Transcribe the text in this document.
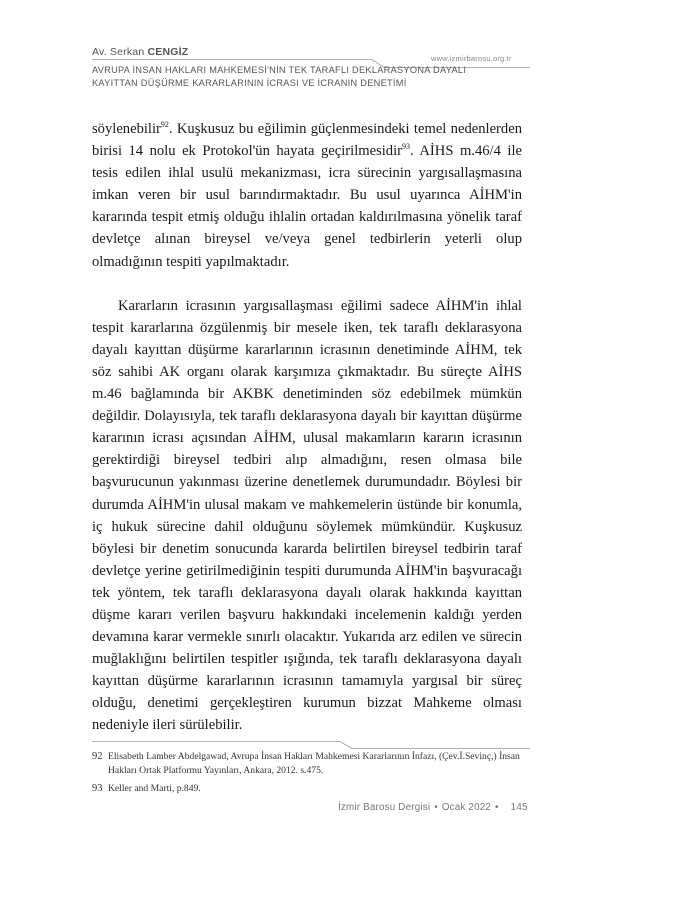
Av. Serkan CENGİZ
www.izmirbarosu.org.tr
AVRUPA İNSAN HAKLARI MAHKEMESİ'NİN TEK TARAFLI DEKLARASYONA DAYALI KAYITTAN DÜŞÜRME KARARLARININ İCRASI VE İCRANIN DENETİMİ

söylenebilir$^{92}$. Kuşkusuz bu eğilimin güçlenmesindeki temel nedenlerden birisi 14 nolu ek Protokol'ün hayata geçirilmesidir$^{93}$. AİHS m.46/4 ile tesis edilen ihlal usulü mekanizması, icra sürecinin yargısallaşmasına imkan veren bir usul barındırmaktadır. Bu usul uyarınca AİHM'in kararında tespit etmiş olduğu ihlalin ortadan kaldırılmasına yönelik taraf devletçe alınan bireysel ve/veya genel tedbirlerin yeterli olup olmadığının tespiti yapılmaktadır.

Kararların icrasının yargısallaşması eğilimi sadece AİHM'in ihlal tespit kararlarına özgülenmiş bir mesele iken, tek taraflı deklarasyona dayalı kayıttan düşürme kararlarının icrasının denetiminde AİHM, tek söz sahibi AK organı olarak karşımıza çıkmaktadır. Bu süreçte AİHS m.46 bağlamında bir AKBK denetiminden söz edebilmek mümkün değildir. Dolayısıyla, tek taraflı deklarasyona dayalı bir kayıttan düşürme kararının icrası açısından AİHM, ulusal makamların kararın icrasının gerektirdiği bireysel tedbiri alıp almadığını, resen olmasa bile başvurucunun yakınması üzerine denetlemek durumundadır. Böylesi bir durumda AİHM'in ulusal makam ve mahkemelerin üstünde bir konumla, iç hukuk sürecine dahil olduğunu söylemek mümkündür. Kuşkusuz böylesi bir denetim sonucunda kararda belirtilen bireysel tedbirin taraf devletçe yerine getirilmediğinin tespiti durumunda AİHM'in başvuracağı tek yöntem, tek taraflı deklarasyona dayalı olarak hakkında kayıttan düşme kararı verilen başvuru hakkındaki incelemenin kaldığı yerden devamına karar vermekle sınırlı olacaktır. Yukarıda arz edilen ve sürecin muğlaklığını belirtilen tespitler ışığında, tek taraflı deklarasyona dayalı kayıttan düşürme kararlarının icrasının tamamıyla yargısal bir süreç olduğu, denetimi gerçekleştiren kurumun bizzat Mahkeme olması nedeniyle ileri sürülebilir.

92 Elisabeth Lamber Abdelgawad, Avrupa İnsan Hakları Mahkemesi Kararlarının İnfazı, (Çev.İ.Sevinç,) İnsan Hakları Ortak Platformu Yayınları, Ankara, 2012. s.475.
93 Keller and Marti, p.849.
İzmir Barosu Dergisi • Ocak 2022 • 145
